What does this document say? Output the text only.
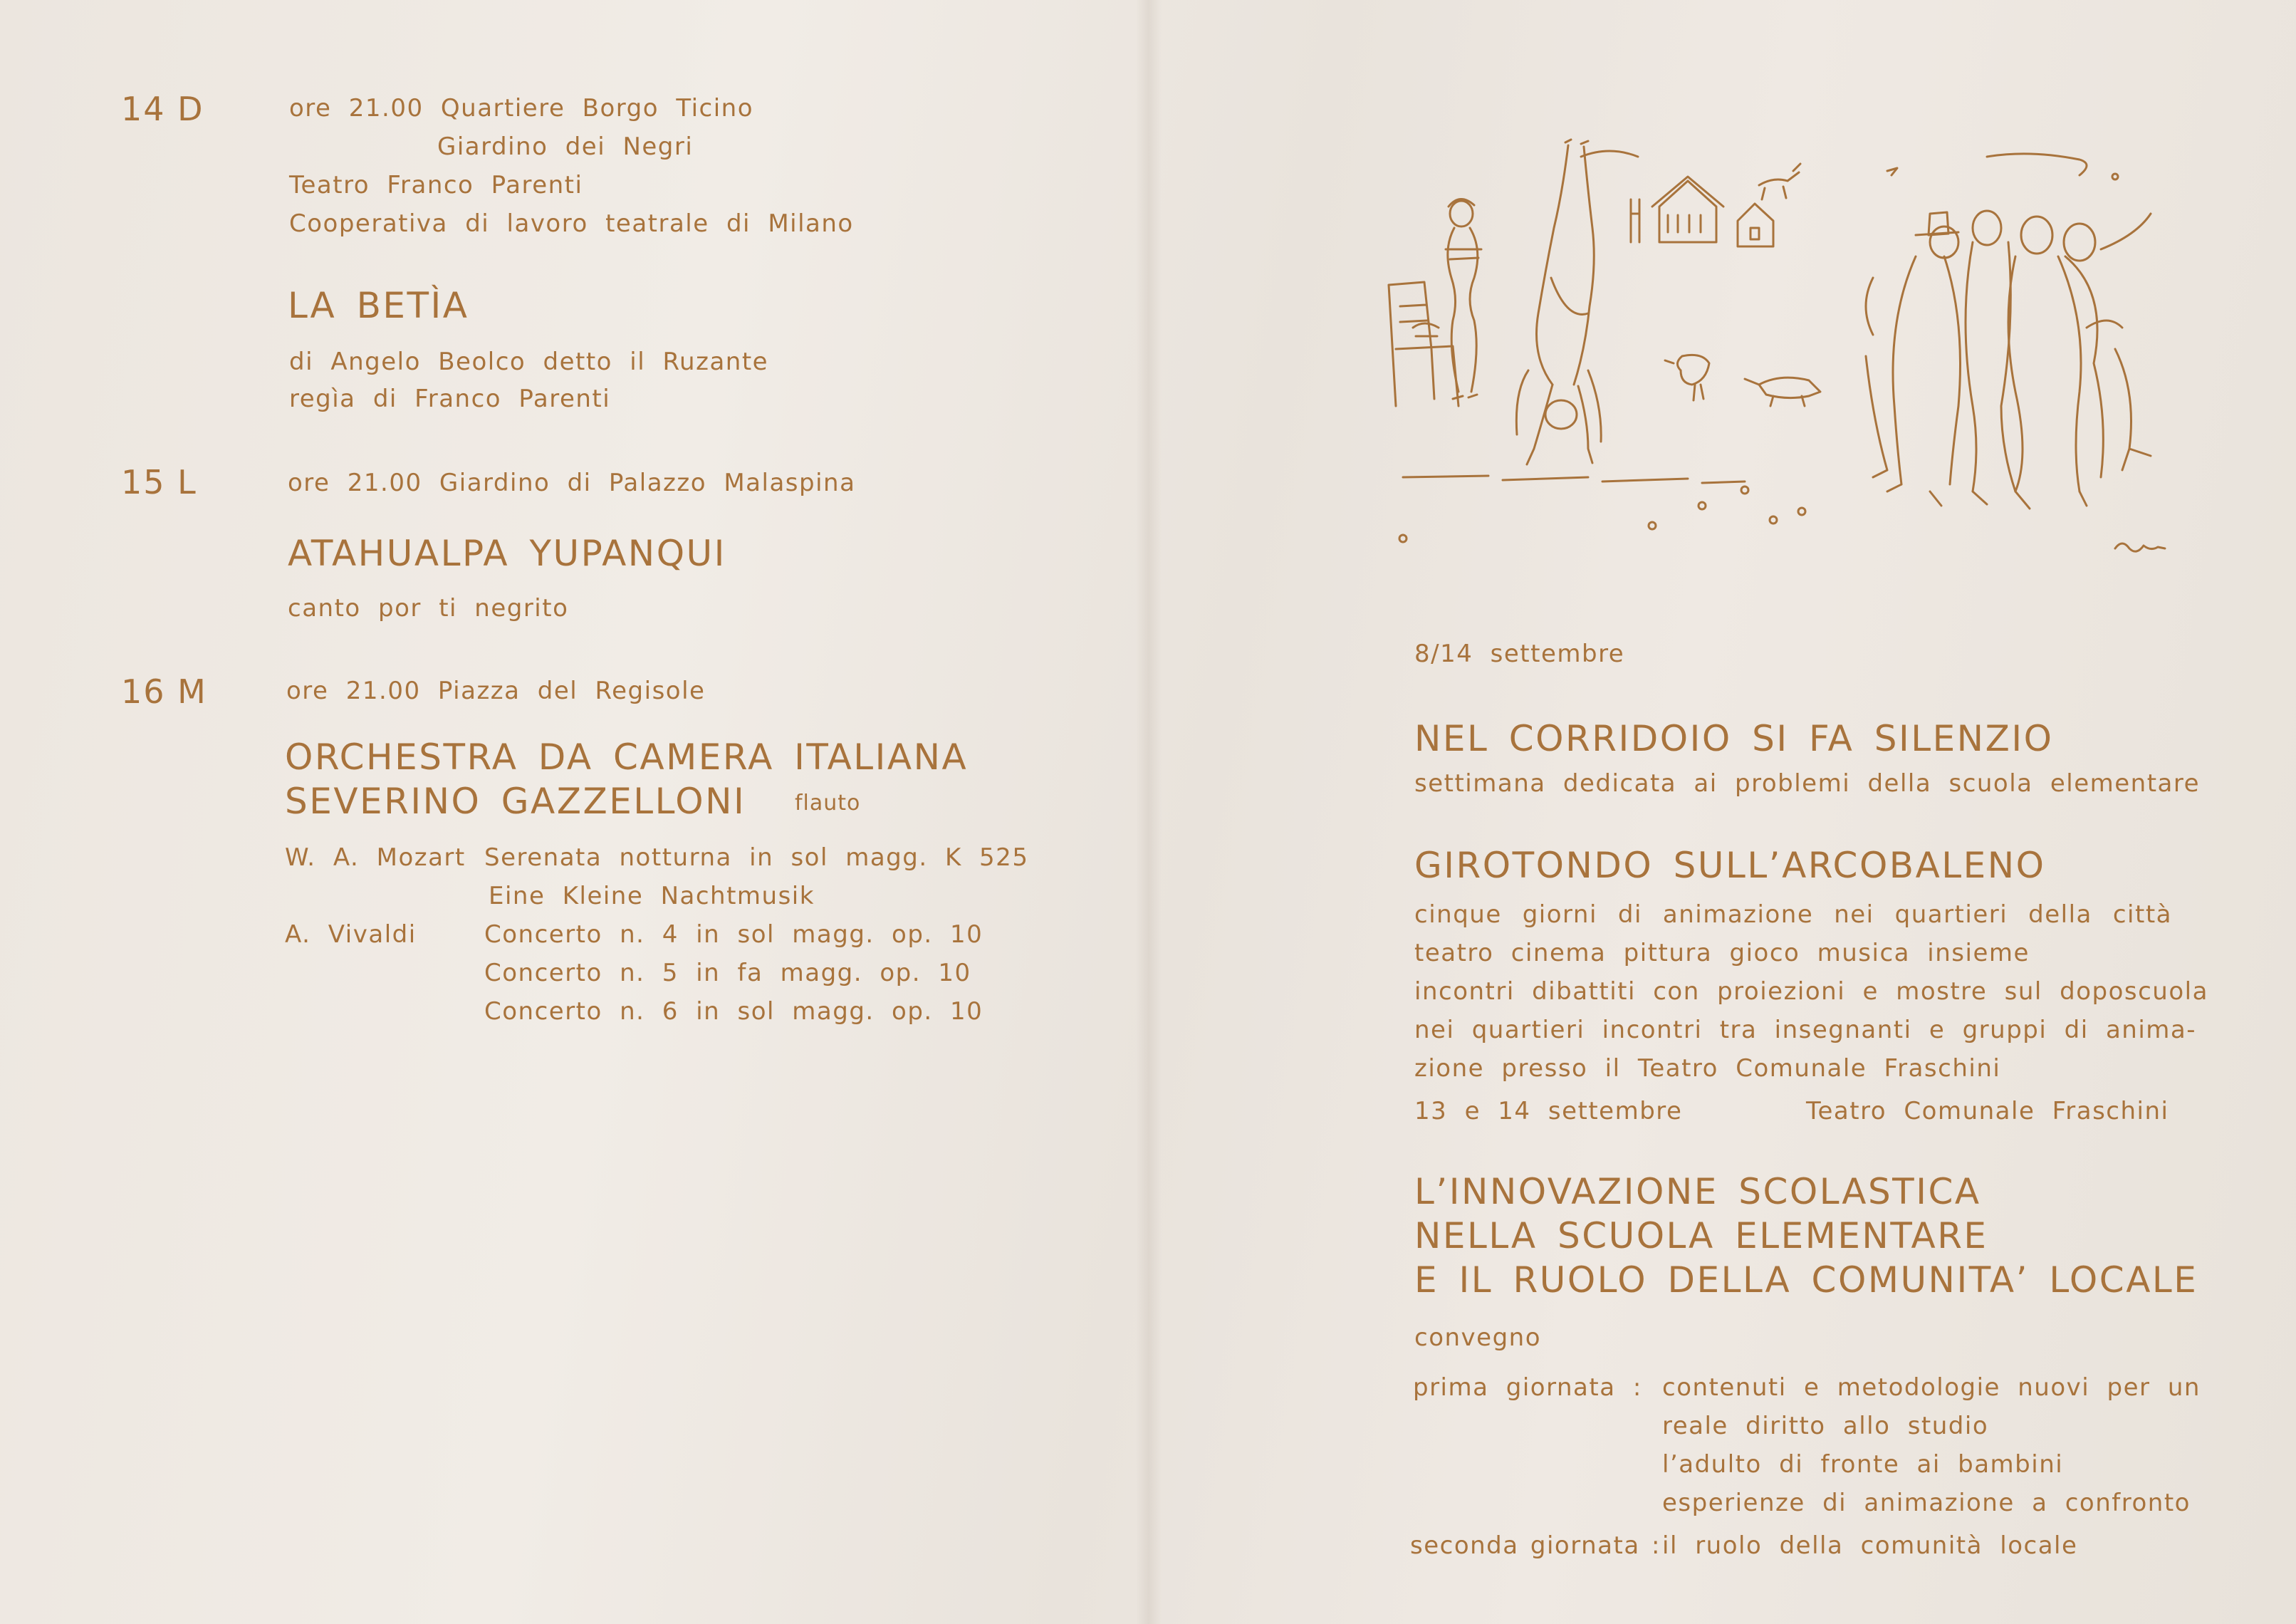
14 D	ore 21.00 Quartiere Borgo Ticino
Giardino dei Negri
Teatro Franco Parenti
Cooperativa di lavoro teatrale di Milano
LA BETÌA
di Angelo Beolco detto il Ruzante
regìa di Franco Parenti
15 L	ore 21.00 Giardino di Palazzo Malaspina
ATAHUALPA YUPANQUI
canto por ti negrito
16 M	ore 21.00 Piazza del Regisole
ORCHESTRA DA CAMERA ITALIANA
SEVERINO GAZZELLONI flauto
W. A. Mozart Serenata notturna in sol magg. K 525
Eine Kleine Nachtmusik
A. Vivaldi	Concerto n. 4 in sol magg. op. 10
Concerto n. 5 in fa magg. op. 10
Concerto n. 6 in sol magg. op. 10
8/14 settembre
NEL CORRIDOIO SI FA SILENZIO
settimana dedicata ai problemi della scuola elementare
GIROTONDO SULL’ARCOBALENO
cinque giorni di animazione nei quartieri della città
teatro cinema pittura gioco musica insieme
incontri dibattiti con proiezioni e mostre sul doposcuola
nei quartieri incontri tra insegnanti e gruppi di anima-
zione presso il Teatro Comunale Fraschini
13 e 14 settembre	Teatro Comunale Fraschini
L’INNOVAZIONE SCOLASTICA
NELLA SCUOLA ELEMENTARE
E IL RUOLO DELLA COMUNITA’ LOCALE
convegno
prima giornata : contenuti e metodologie nuovi per un
reale diritto allo studio
l’adulto di fronte ai bambini
esperienze di animazione a confronto
seconda giornata : il ruolo della comunità locale
